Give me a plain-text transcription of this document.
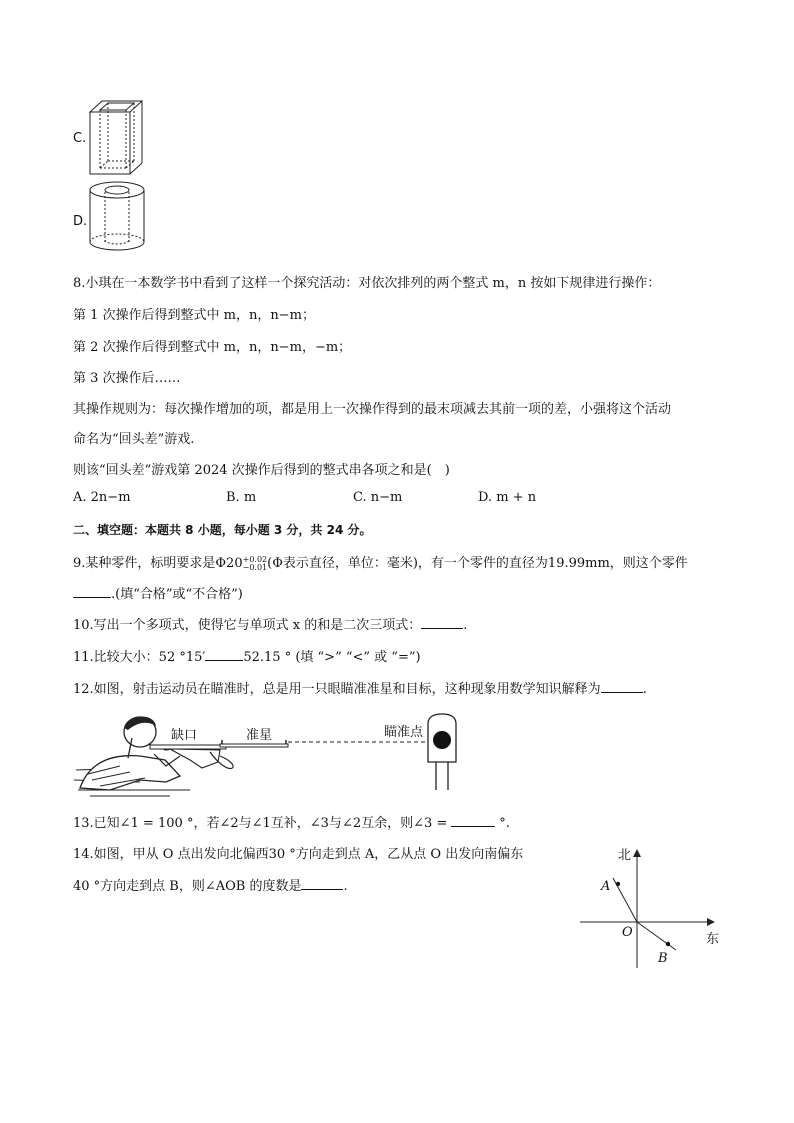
C.
D.
8.小琪在一本数学书中看到了这样一个探究活动：对依次排列的两个整式 m，n 按如下规律进行操作：
第 1 次操作后得到整式中 m，n，n−m；
第 2 次操作后得到整式中 m，n，n−m，−m；
第 3 次操作后……
其操作规则为：每次操作增加的项，都是用上一次操作得到的最末项减去其前一项的差，小强将这个活动
命名为“回头差”游戏.
则该“回头差”游戏第 2024 次操作后得到的整式串各项之和是(　)
A. 2n−m	B. m	C. n−m	D. m + n
二、填空题：本题共 8 小题，每小题 3 分，共 24 分。
9.某种零件，标明要求是Φ20+0.02
−0.01(Φ表示直径，单位：毫米)，有一个零件的直径为19.99mm，则这个零件
.(填“合格”或“不合格”)
10.写出一个多项式，使得它与单项式 x 的和是二次三项式：	.
11.比较大小：52 °15′	52.15 ° (填 “>” “<” 或 “=”)
12.如图，射击运动员在瞄准时，总是用一只眼瞄准准星和目标，这种现象用数学知识解释为	.
缺口	准星	瞄准点
13.已知∠1 = 100 °，若∠2与∠1互补，∠3与∠2互余，则∠3 =	°.
14.如图，甲从 O 点出发向北偏西30 °方向走到点 A，乙从点 O 出发向南偏东
40 °方向走到点 B，则∠AOB 的度数是	.
北
东
O
A
B
